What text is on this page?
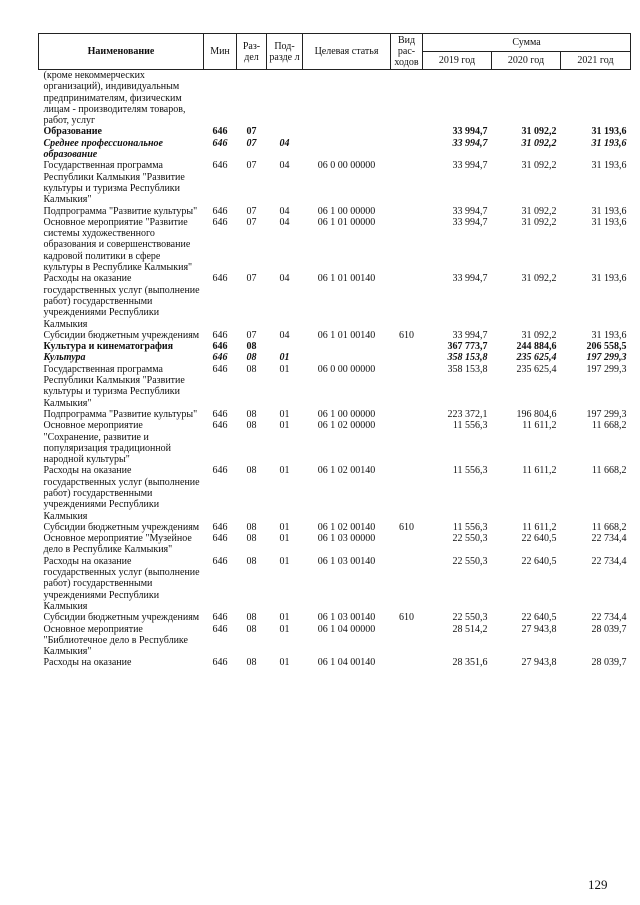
Наименование	Мин	Раз- дел	Под- разде л	Целевая статья	Вид рас- ходов	Сумма		
						2019 год	2020 год	2021 год
(кроме некоммерческих организаций), индивидуальным предпринимателям, физическим лицам - производителям товаров, работ, услуг								
Образование	646	07				33 994,7	31 092,2	31 193,6
Среднее профессиональное образование	646	07	04			33 994,7	31 092,2	31 193,6
Государственная программа Республики Калмыкия "Развитие культуры и туризма Республики Калмыкия"	646	07	04	06 0 00 00000		33 994,7	31 092,2	31 193,6
Подпрограмма "Развитие культуры"	646	07	04	06 1 00 00000		33 994,7	31 092,2	31 193,6
Основное мероприятие "Развитие системы художественного образования и совершенствование кадровой политики в сфере культуры в Республике Калмыкия"	646	07	04	06 1 01 00000		33 994,7	31 092,2	31 193,6
Расходы на оказание государственных услуг (выполнение работ) государственными учреждениями Республики Калмыкия	646	07	04	06 1 01 00140		33 994,7	31 092,2	31 193,6
Субсидии бюджетным учреждениям	646	07	04	06 1 01 00140	610	33 994,7	31 092,2	31 193,6
Культура и кинематография	646	08				367 773,7	244 884,6	206 558,5
Культура	646	08	01			358 153,8	235 625,4	197 299,3
Государственная программа Республики Калмыкия "Развитие культуры и туризма Республики Калмыкия"	646	08	01	06 0 00 00000		358 153,8	235 625,4	197 299,3
Подпрограмма "Развитие культуры"	646	08	01	06 1 00 00000		223 372,1	196 804,6	197 299,3
Основное мероприятие "Сохранение, развитие и популяризация традиционной народной культуры"	646	08	01	06 1 02 00000		11 556,3	11 611,2	11 668,2
Расходы на оказание государственных услуг (выполнение работ) государственными учреждениями Республики Калмыкия	646	08	01	06 1 02 00140		11 556,3	11 611,2	11 668,2
Субсидии бюджетным учреждениям	646	08	01	06 1 02 00140	610	11 556,3	11 611,2	11 668,2
Основное мероприятие "Музейное дело в Республике Калмыкия"	646	08	01	06 1 03 00000		22 550,3	22 640,5	22 734,4
Расходы на оказание государственных услуг (выполнение работ) государственными учреждениями Республики Калмыкия	646	08	01	06 1 03 00140		22 550,3	22 640,5	22 734,4
Субсидии бюджетным учреждениям	646	08	01	06 1 03 00140	610	22 550,3	22 640,5	22 734,4
Основное мероприятие "Библиотечное дело в Республике Калмыкия"	646	08	01	06 1 04 00000		28 514,2	27 943,8	28 039,7
Расходы на оказание	646	08	01	06 1 04 00140		28 351,6	27 943,8	28 039,7
129
